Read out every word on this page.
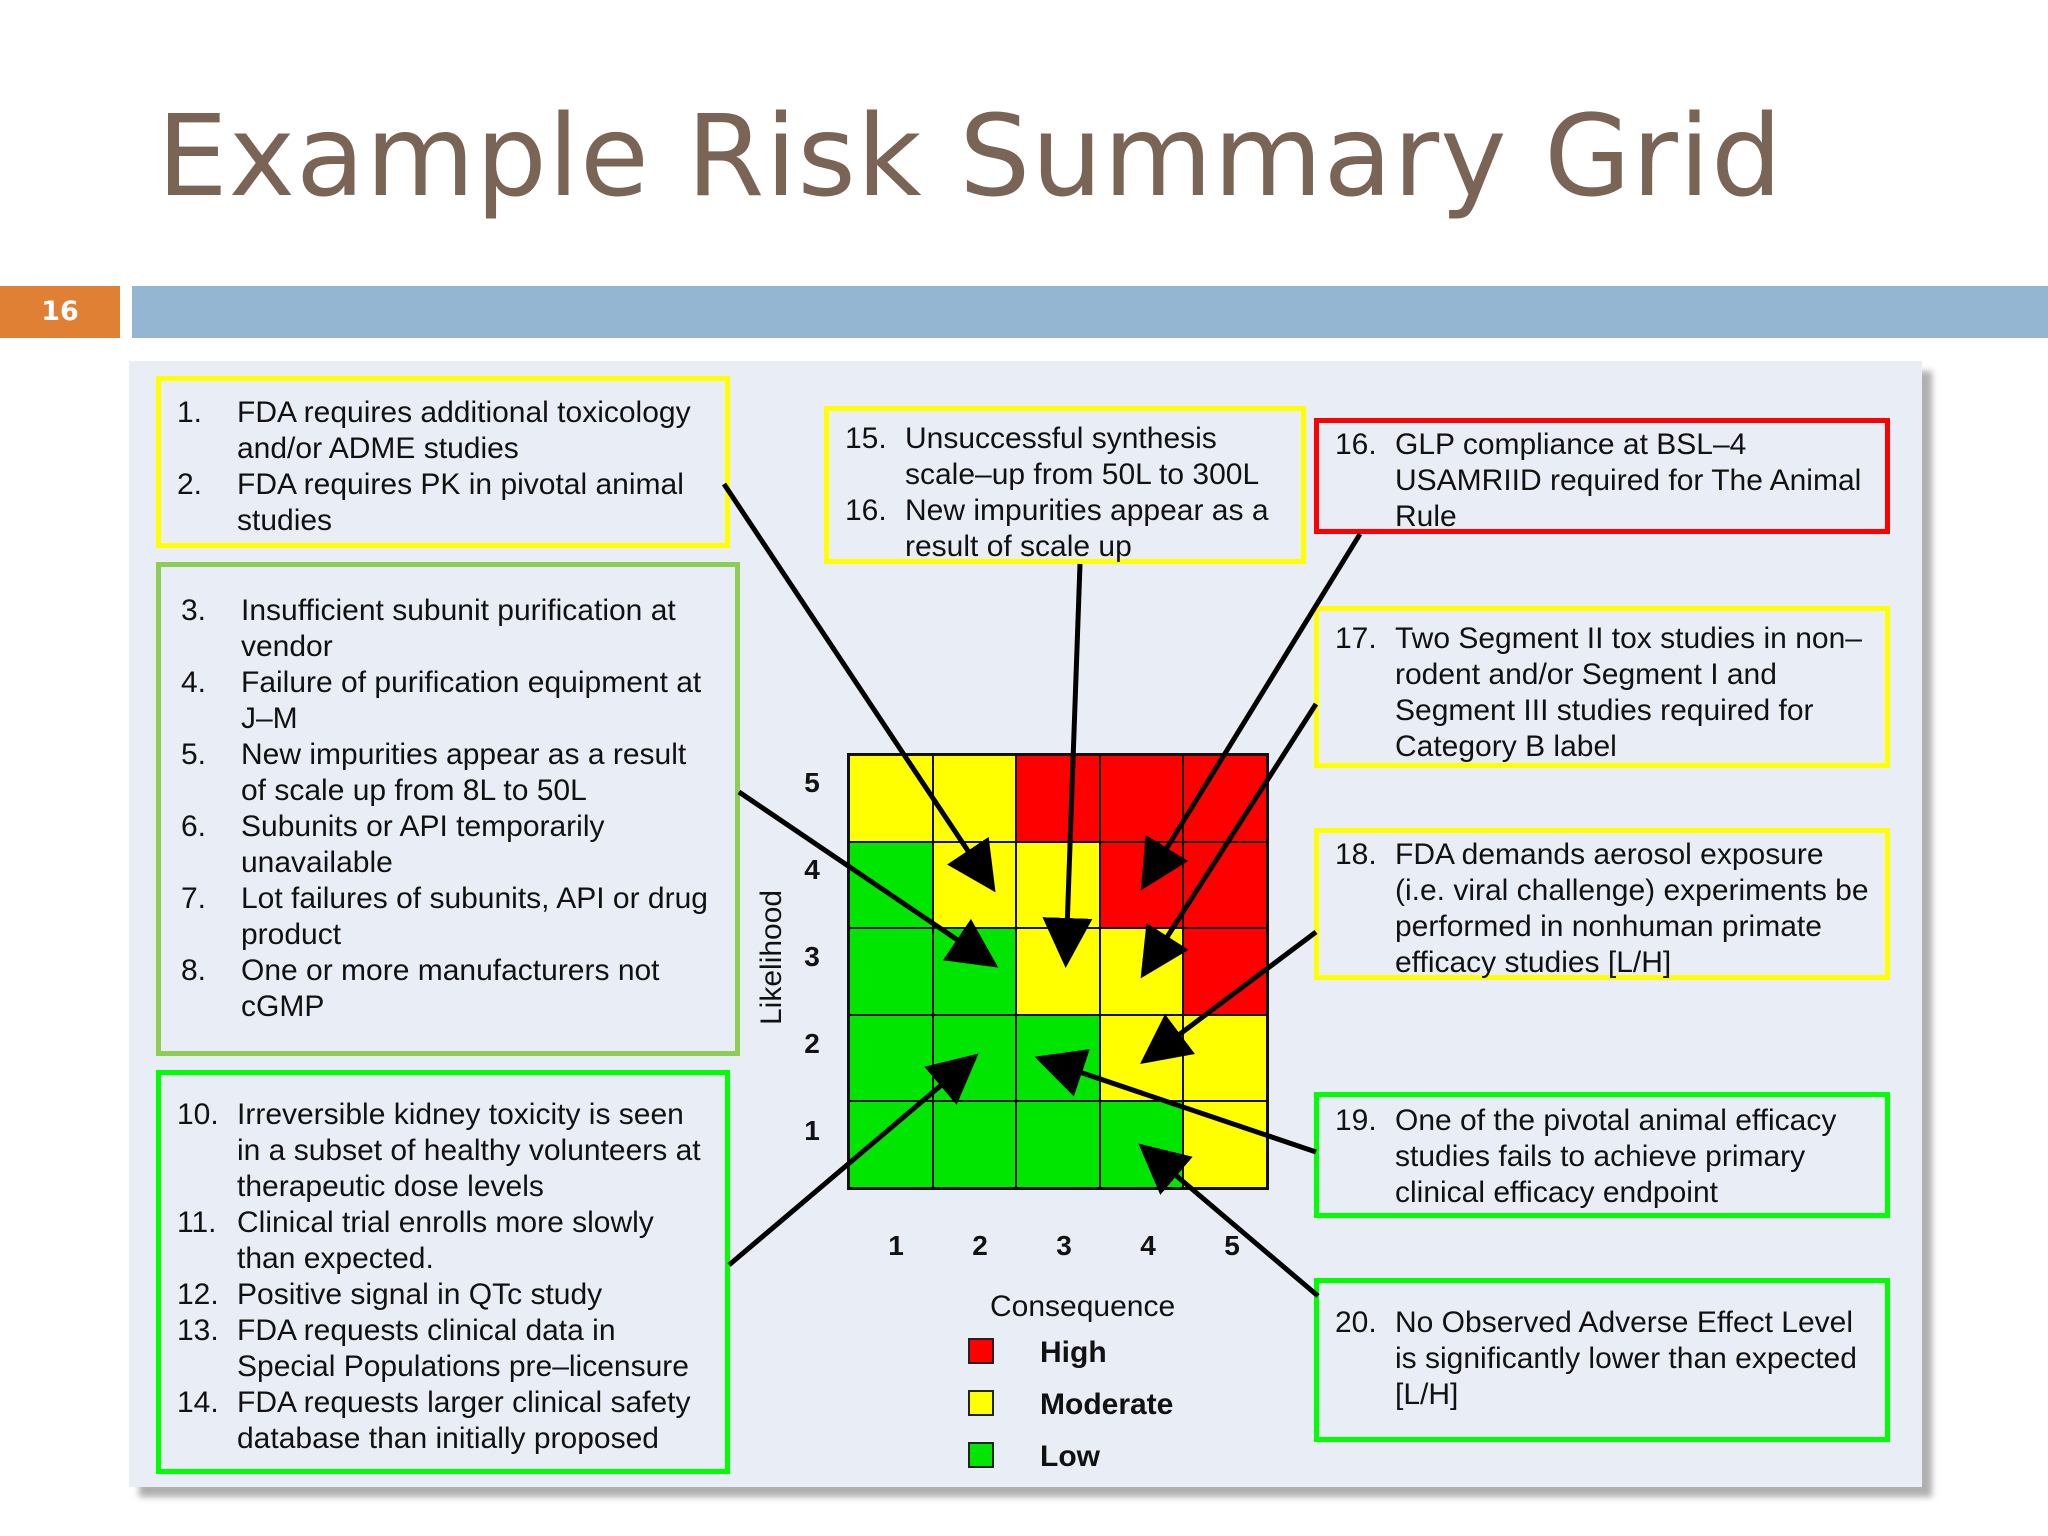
Example Risk Summary Grid
16
1. FDA requires additional toxicology and/or ADME studies
2. FDA requires PK in pivotal animal studies
3. Insufficient subunit purification at vendor
4. Failure of purification equipment at J–M
5. New impurities appear as a result of scale up from 8L to 50L
6. Subunits or API temporarily unavailable
7. Lot failures of subunits, API or drug product
8. One or more manufacturers not cGMP
10. Irreversible kidney toxicity is seen in a subset of healthy volunteers at therapeutic dose levels
11. Clinical trial enrolls more slowly than expected.
12. Positive signal in QTc study
13. FDA requests clinical data in Special Populations pre–licensure
14. FDA requests larger clinical safety database than initially proposed
15. Unsuccessful synthesis scale–up from 50L to 300L
16. New impurities appear as a result of scale up
16. GLP compliance at BSL–4 USAMRIID required for The Animal Rule
17. Two Segment II tox studies in non–rodent and/or Segment I and Segment III studies required for Category B label
18. FDA demands aerosol exposure (i.e. viral challenge) experiments be performed in nonhuman primate efficacy studies [L/H]
19. One of the pivotal animal efficacy studies fails to achieve primary clinical efficacy endpoint
20. No Observed Adverse Effect Level is significantly lower than expected [L/H]
5
4
3
2
1
1	2	3	4	5
Likelihood
Consequence
High
Moderate
Low
